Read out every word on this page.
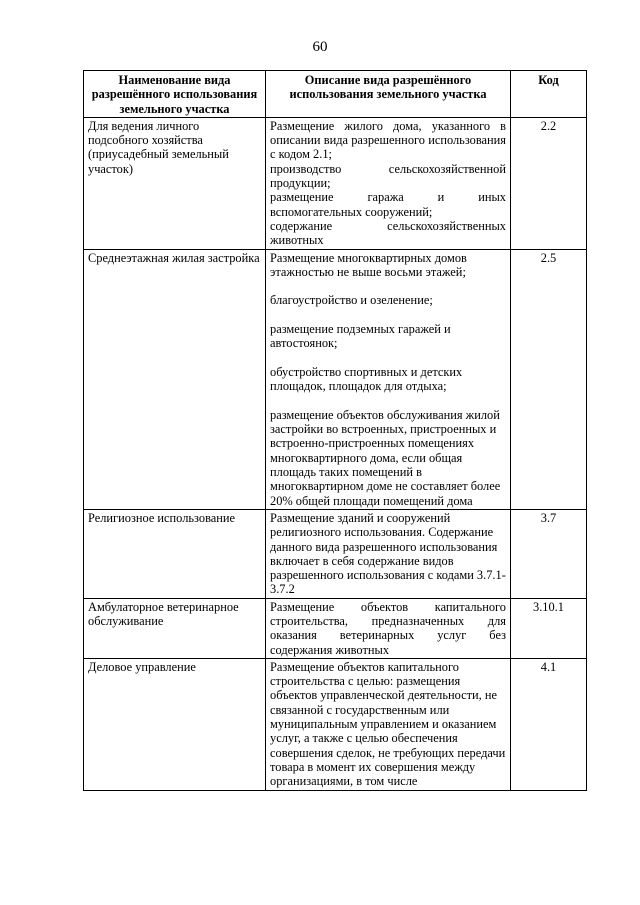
60
Наименование вида разрешённого использования земельного участка	Описание вида разрешённого использования земельного участка	Код
Для ведения личного подсобного хозяйства (приусадебный земельный участок)	Размещение жилого дома, указанного в описании вида разрешенного использования с кодом 2.1;

производство сельскохозяйственной продукции;

размещение гаража и иных вспомогательных сооружений;

содержание сельскохозяйственных животных	2.2
Среднеэтажная жилая застройка	Размещение многоквартирных домов этажностью не выше восьми этажей;

благоустройство и озеленение;

размещение подземных гаражей и автостоянок;

обустройство спортивных и детских площадок, площадок для отдыха;

размещение объектов обслуживания жилой застройки во встроенных, пристроенных и встроенно-пристроенных помещениях многоквартирного дома, если общая площадь таких помещений в многоквартирном доме не составляет более 20% общей площади помещений дома	2.5
Религиозное использование	Размещение зданий и сооружений религиозного использования. Содержание данного вида разрешенного использования включает в себя содержание видов разрешенного использования с кодами 3.7.1-3.7.2	3.7
Амбулаторное ветеринарное обслуживание	Размещение объектов капитального строительства, предназначенных для оказания ветеринарных услуг без содержания животных	3.10.1
Деловое управление	Размещение объектов капитального строительства с целью: размещения объектов управленческой деятельности, не связанной с государственным или муниципальным управлением и оказанием услуг, а также с целью обеспечения совершения сделок, не требующих передачи товара в момент их совершения между организациями, в том числе	4.1
